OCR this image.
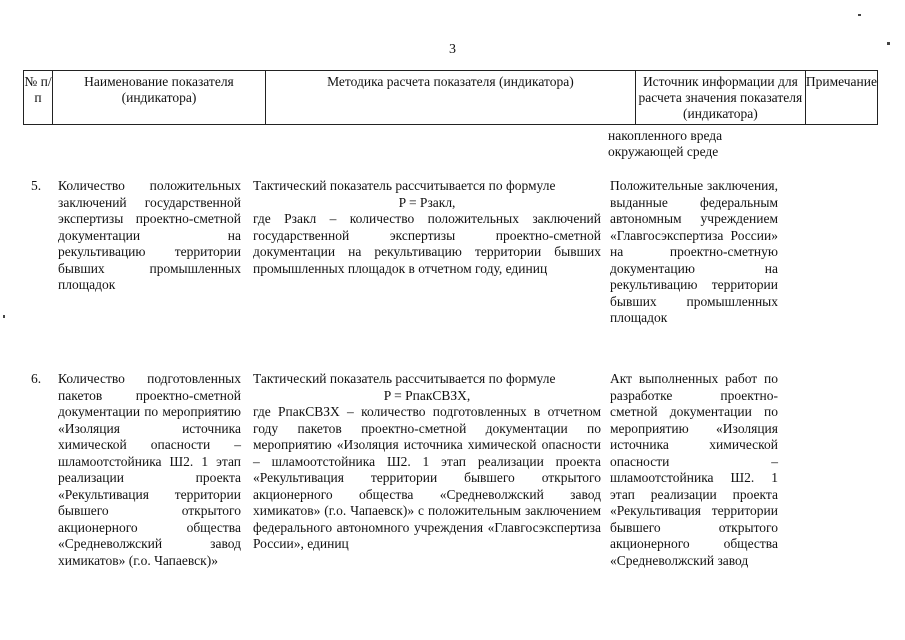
3
№ п/п
Наименование показателя (индикатора)
Методика расчета показателя (индикатора)	Источник информации для расчета значения показателя (индикатора)
Примечание
накопленного вреда окружающей среде
5. Количество положительных заключений государственной экспертизы проектно-сметной документации на рекультивацию территории бывших промышленных площадок
Тактический показатель рассчитывается по формуле
P = Pзакл,
где Pзакл – количество положительных заключений государственной экспертизы проектно-сметной документации на рекультивацию территории бывших промышленных площадок в отчетном году, единиц
Положительные заключения, выданные федеральным автономным учреждением «Главгосэкспертиза России» на проектно-сметную документацию на рекультивацию территории бывших промышленных площадок
6. Количество подготовленных пакетов проектно-сметной документации по мероприятию «Изоляция источника химической опасности – шламоотстойника Ш2. 1 этап реализации проекта «Рекультивация территории бывшего открытого акционерного общества «Средневолжский завод химикатов» (г.о. Чапаевск)»
Тактический показатель рассчитывается по формуле
P = PпакСВЗХ,
где PпакСВЗХ – количество подготовленных в отчетном году пакетов проектно-сметной документации по мероприятию «Изоляция источника химической опасности – шламоотстойника Ш2. 1 этап реализации проекта «Рекультивация территории бывшего открытого акционерного общества «Средневолжский завод химикатов» (г.о. Чапаевск)» с положительным заключением федерального автономного учреждения «Главгосэкспертиза России», единиц
Акт выполненных работ по разработке проектно-сметной документации по мероприятию «Изоляция источника химической опасности – шламоотстойника Ш2. 1 этап реализации проекта «Рекультивация территории бывшего открытого акционерного общества «Средневолжский завод
